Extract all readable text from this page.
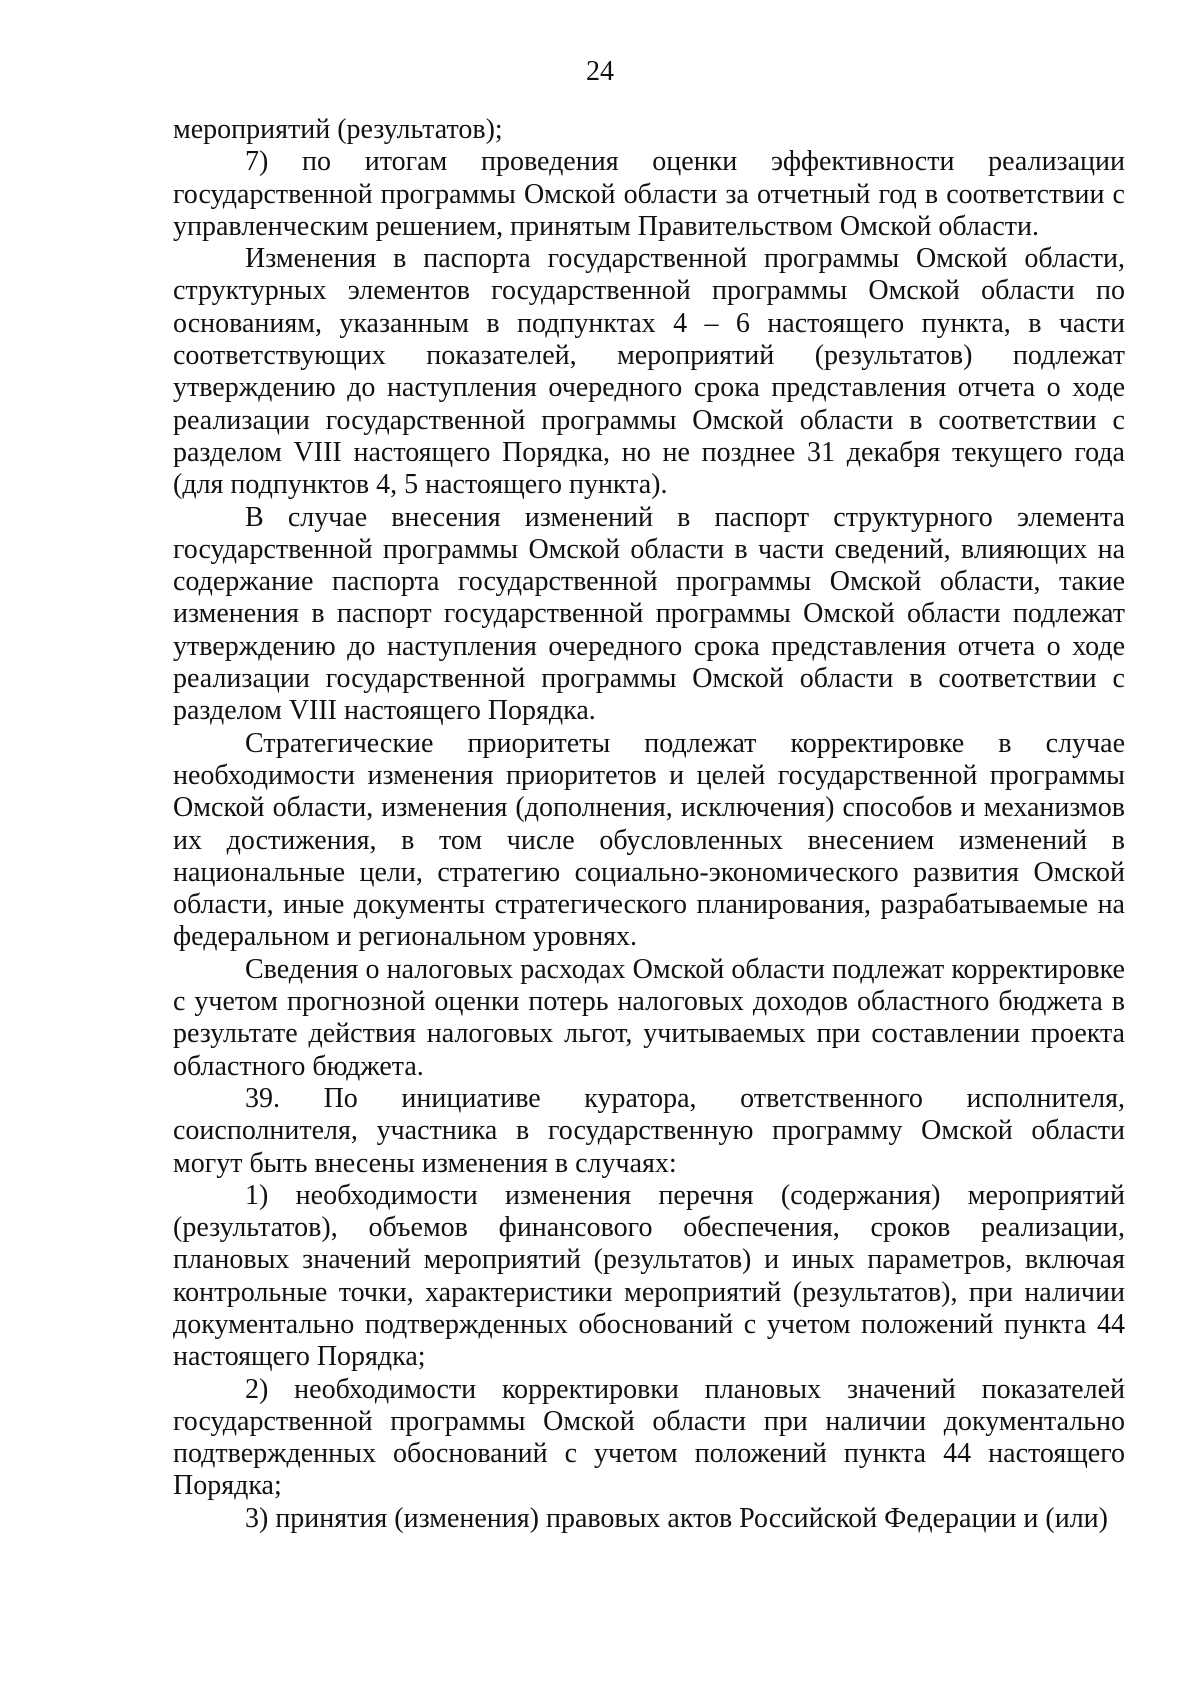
24

мероприятий (результатов);

7) по итогам проведения оценки эффективности реализации государственной программы Омской области за отчетный год в соответствии с управленческим решением, принятым Правительством Омской области.

Изменения в паспорта государственной программы Омской области, структурных элементов государственной программы Омской области по основаниям, указанным в подпунктах 4 – 6 настоящего пункта, в части соответствующих показателей, мероприятий (результатов) подлежат утверждению до наступления очередного срока представления отчета о ходе реализации государственной программы Омской области в соответствии с разделом VIII настоящего Порядка, но не позднее 31 декабря текущего года (для подпунктов 4, 5 настоящего пункта).

В случае внесения изменений в паспорт структурного элемента государственной программы Омской области в части сведений, влияющих на содержание паспорта государственной программы Омской области, такие изменения в паспорт государственной программы Омской области подлежат утверждению до наступления очередного срока представления отчета о ходе реализации государственной программы Омской области в соответствии с разделом VIII настоящего Порядка.

Стратегические приоритеты подлежат корректировке в случае необходимости изменения приоритетов и целей государственной программы Омской области, изменения (дополнения, исключения) способов и механизмов их достижения, в том числе обусловленных внесением изменений в национальные цели, стратегию социально-экономического развития Омской области, иные документы стратегического планирования, разрабатываемые на федеральном и региональном уровнях.

Сведения о налоговых расходах Омской области подлежат корректировке с учетом прогнозной оценки потерь налоговых доходов областного бюджета в результате действия налоговых льгот, учитываемых при составлении проекта областного бюджета.

39. По инициативе куратора, ответственного исполнителя, соисполнителя, участника в государственную программу Омской области могут быть внесены изменения в случаях:

1) необходимости изменения перечня (содержания) мероприятий (результатов), объемов финансового обеспечения, сроков реализации, плановых значений мероприятий (результатов) и иных параметров, включая контрольные точки, характеристики мероприятий (результатов), при наличии документально подтвержденных обоснований с учетом положений пункта 44 настоящего Порядка;

2) необходимости корректировки плановых значений показателей государственной программы Омской области при наличии документально подтвержденных обоснований с учетом положений пункта 44 настоящего Порядка;

3) принятия (изменения) правовых актов Российской Федерации и (или)
